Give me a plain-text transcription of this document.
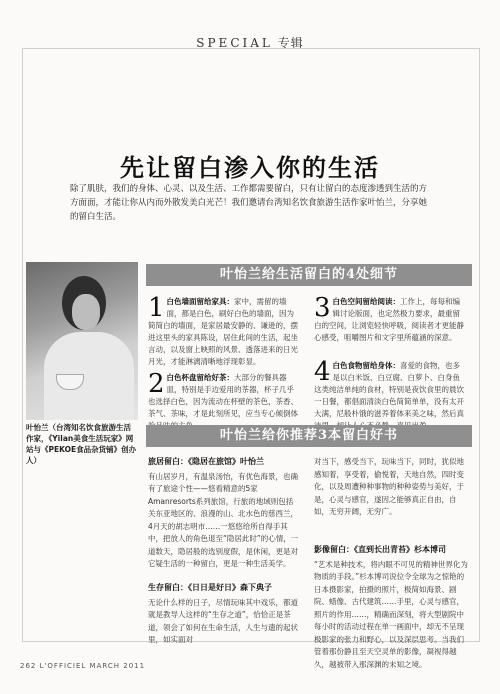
SPECIAL 专辑
先让留白渗入你的生活
除了肌肤，我们的身体、心灵、以及生活、工作都需要留白，只有让留白的态度渗透到生活的方方面面，才能让你从内而外散发美白光芒！我们邀请台湾知名饮食旅游生活作家叶怡兰，分享她的留白生活。
叶怡兰（台湾知名饮食旅游生活作家，《Yilan美食生活玩家》网站与《PEKOE食品杂货铺》创办人）
叶怡兰给生活留白的4处细节
1 白色墙面留给家具：家中，需留的墙面，都是白色，刷好白色的墙面，因为简简白的墙面，是家居最安静的、谦逊的，摆进这里头的家具陈设，居住此间的生活，起坐言动，以及窗上映照的风景、透落进来的日光月光，才能淋漓清晰地浮现彰显。
2 白色杯盘留给好茶：大部分的餐具器皿，特别是手边爱用的茶器，杯子几乎也选择白色，因为流动在杯壁的茶色，茶香、茶气、茶味，才是此刻所见，应当专心倾倒体
3 白色空间留给阅读：工作上，每每和编辑讨论版面，也定然极力要求，最重留白的空间，让浏览轻快呼吸，阅读者才更能静心感受，咀嚼图片和文字里所蕴涵的深意。
4 白色食物留给身体：喜爱的食物，也多是以白米饭、白豆腐、白萝卜、白身鱼这类纯洁单纯的食材，特别是夜饮食里的晨饮一日餐，都倡面清淡白色简简单单，没有太开大满，尼般朴饿的滋养着体来美之味，然后真
叶怡兰给你推荐3本留白好书
旅居留白：《隐居在旅馆》叶怡兰
有山居岁月，有温泉汤怡，有优色海景，也确有了旅途个性——悠看精意的5家Amanresorts系列旅馆，行旅的地域则包括关东亚地区的、浪漫的山、北水色的慈西兰，4月天的胡志明市……一悠悠给所自得手其中，把放人的角色退至“隐居此时”的心情，一道数天，隐居般的选别度假，是休闲，更是对它疑生活的一种留白，更是一种生活美学。
生存留白：《日日是好日》森下典子
无论什么样的日子，尽情玩味其中戏乐，都道就是教导人这样的“生存之道”，恰恰正是茶道，领会了如何在生命生活，人生与遗的起状里，如实面对
对当下，感受当下，玩味当下，同时，犹似地感知着，享受着，偷悦着，天地自然，四时变化，以及周遭种种事物的种种姿势与美好，于是，心灵与感官，遂因之能够真正自由，自如，无穷开阔，无穷广。
影像留白：《直到长出青苔》杉本博司
“艺术是种技术，将内眼不可见的精神世界化为物质的手段。”杉本博司说位令全球为之惊艳的日本摄影家，拍摄的照片，极简如海景、剧院、蜡像、古代建筑……手里，心灵与感官，照片的作用……，精确而深刻，将大型剧院中每小时的活动过程在单一画面中，却无不呈现极影家的张力和野心，以及深层思考。当我们管着那份静且至天空灵单的影像，凝视得越久，越被带入那深渊的未知之境。
262 L'OFFICIEL MARCH 2011
